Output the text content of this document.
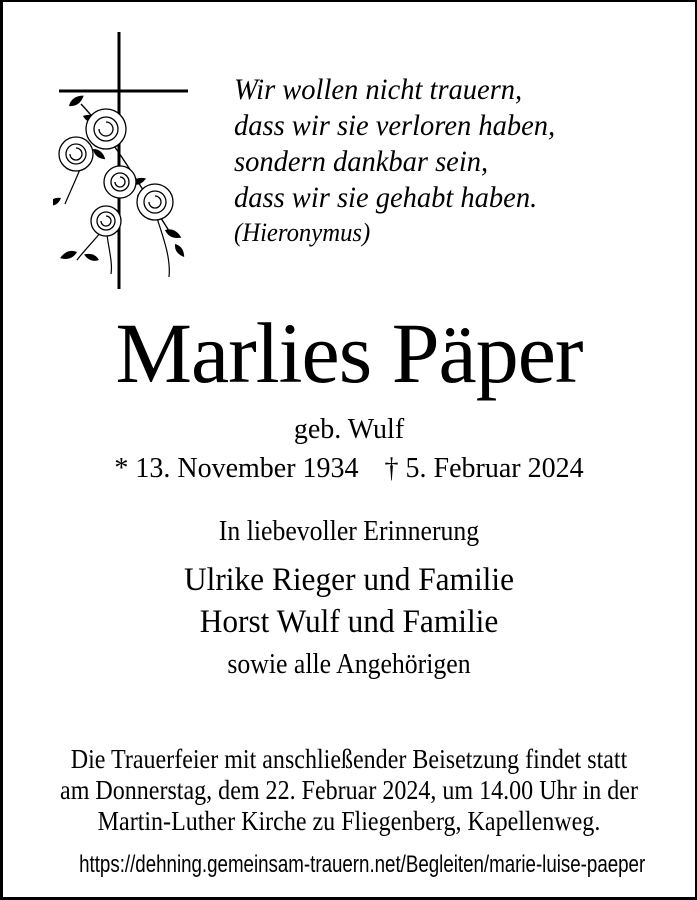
Wir wollen nicht trauern,
dass wir sie verloren haben,
sondern dankbar sein,
dass wir sie gehabt haben.
(Hieronymus)
Marlies Päper
geb. Wulf
* 13. November 1934 † 5. Februar 2024
In liebevoller Erinnerung
Ulrike Rieger und Familie
Horst Wulf und Familie
sowie alle Angehörigen
Die Trauerfeier mit anschließender Beisetzung findet statt
am Donnerstag, dem 22. Februar 2024, um 14.00 Uhr in der
Martin-Luther Kirche zu Fliegenberg, Kapellenweg.
https://dehning.gemeinsam-trauern.net/Begleiten/marie-luise-paeper
